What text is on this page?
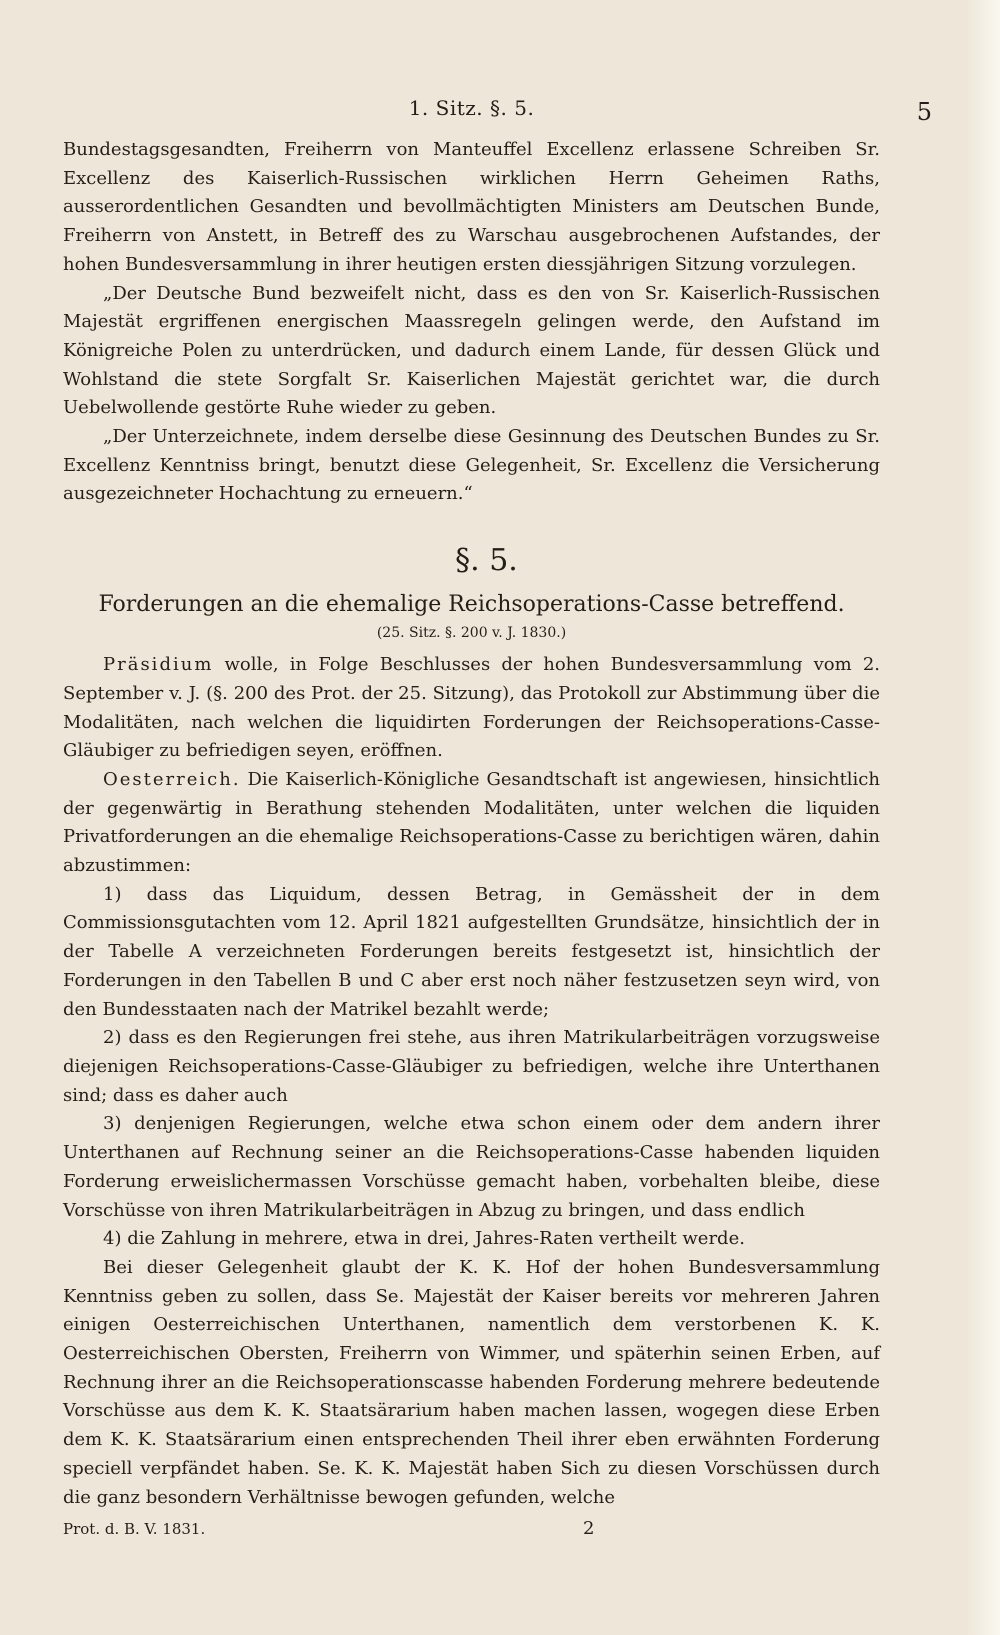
1. Sitz. §. 5.	5

Bundestagsgesandten, Freiherrn von Manteuffel Excellenz erlassene Schreiben Sr. Excellenz des Kaiserlich-Russischen wirklichen Herrn Geheimen Raths, ausserordentlichen Gesandten und bevollmächtigten Ministers am Deutschen Bunde, Freiherrn von Anstett, in Betreff des zu Warschau ausgebrochenen Aufstandes, der hohen Bundesversammlung in ihrer heutigen ersten diessjährigen Sitzung vorzulegen.

„Der Deutsche Bund bezweifelt nicht, dass es den von Sr. Kaiserlich-Russischen Majestät ergriffenen energischen Maassregeln gelingen werde, den Aufstand im Königreiche Polen zu unterdrücken, und dadurch einem Lande, für dessen Glück und Wohlstand die stete Sorgfalt Sr. Kaiserlichen Majestät gerichtet war, die durch Uebelwollende gestörte Ruhe wieder zu geben.

„Der Unterzeichnete, indem derselbe diese Gesinnung des Deutschen Bundes zu Sr. Excellenz Kenntniss bringt, benutzt diese Gelegenheit, Sr. Excellenz die Versicherung ausgezeichneter Hochachtung zu erneuern.“

§. 5.
Forderungen an die ehemalige Reichsoperations-Casse betreffend.
(25. Sitz. §. 200 v. J. 1830.)

Präsidium wolle, in Folge Beschlusses der hohen Bundesversammlung vom 2. September v. J. (§. 200 des Prot. der 25. Sitzung), das Protokoll zur Abstimmung über die Modalitäten, nach welchen die liquidirten Forderungen der Reichsoperations-Casse-Gläubiger zu befriedigen seyen, eröffnen.

Oesterreich. Die Kaiserlich-Königliche Gesandtschaft ist angewiesen, hinsichtlich der gegenwärtig in Berathung stehenden Modalitäten, unter welchen die liquiden Privatforderungen an die ehemalige Reichsoperations-Casse zu berichtigen wären, dahin abzustimmen:

1) dass das Liquidum, dessen Betrag, in Gemässheit der in dem Commissionsgutachten vom 12. April 1821 aufgestellten Grundsätze, hinsichtlich der in der Tabelle A verzeichneten Forderungen bereits festgesetzt ist, hinsichtlich der Forderungen in den Tabellen B und C aber erst noch näher festzusetzen seyn wird, von den Bundesstaaten nach der Matrikel bezahlt werde;

2) dass es den Regierungen frei stehe, aus ihren Matrikularbeiträgen vorzugsweise diejenigen Reichsoperations-Casse-Gläubiger zu befriedigen, welche ihre Unterthanen sind; dass es daher auch

3) denjenigen Regierungen, welche etwa schon einem oder dem andern ihrer Unterthanen auf Rechnung seiner an die Reichsoperations-Casse habenden liquiden Forderung erweislichermassen Vorschüsse gemacht haben, vorbehalten bleibe, diese Vorschüsse von ihren Matrikularbeiträgen in Abzug zu bringen, und dass endlich

4) die Zahlung in mehrere, etwa in drei, Jahres-Raten vertheilt werde.

Bei dieser Gelegenheit glaubt der K. K. Hof der hohen Bundesversammlung Kenntniss geben zu sollen, dass Se. Majestät der Kaiser bereits vor mehreren Jahren einigen Oesterreichischen Unterthanen, namentlich dem verstorbenen K. K. Oesterreichischen Obersten, Freiherrn von Wimmer, und späterhin seinen Erben, auf Rechnung ihrer an die Reichsoperationscasse habenden Forderung mehrere bedeutende Vorschüsse aus dem K. K. Staatsärarium haben machen lassen, wogegen diese Erben dem K. K. Staatsärarium einen entsprechenden Theil ihrer eben erwähnten Forderung speciell verpfändet haben. Se. K. K. Majestät haben Sich zu diesen Vorschüssen durch die ganz besondern Verhältnisse bewogen gefunden, welche

Prot. d. B. V. 1831.	2
